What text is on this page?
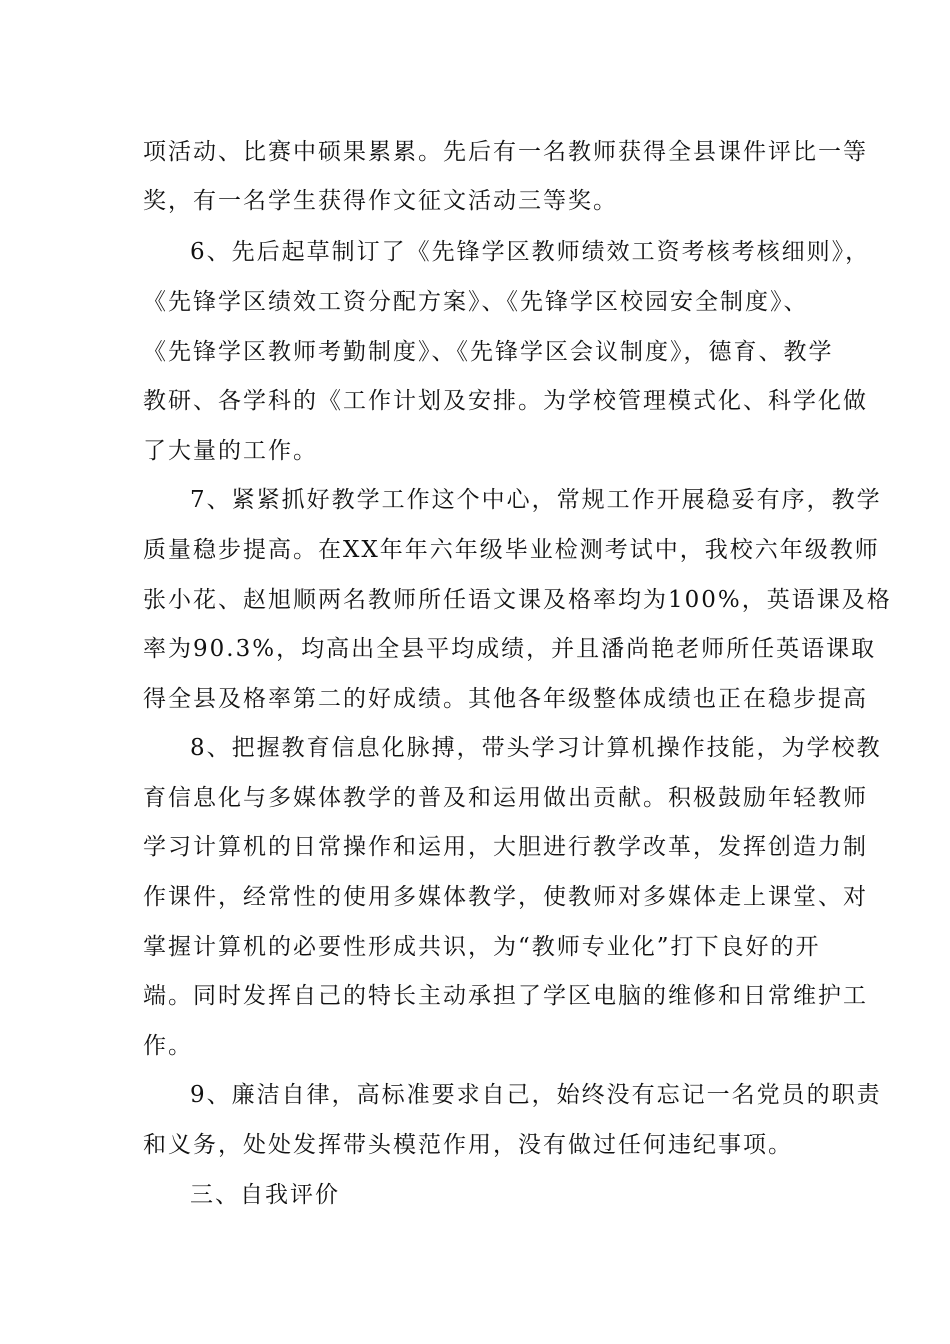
项活动、比赛中硕果累累。先后有一名教师获得全县课件评比一等
奖，有一名学生获得作文征文活动三等奖。
6、先后起草制订了《先锋学区教师绩效工资考核考核细则》，
《先锋学区绩效工资分配方案》、《先锋学区校园安全制度》、
《先锋学区教师考勤制度》、《先锋学区会议制度》，德育、教学
教研、各学科的《工作计划及安排。为学校管理模式化、科学化做
了大量的工作。
7、紧紧抓好教学工作这个中心，常规工作开展稳妥有序，教学
质量稳步提高。在XX年年六年级毕业检测考试中，我校六年级教师
张小花、赵旭顺两名教师所任语文课及格率均为100%，英语课及格
率为90.3%，均高出全县平均成绩，并且潘尚艳老师所任英语课取
得全县及格率第二的好成绩。其他各年级整体成绩也正在稳步提高
8、把握教育信息化脉搏，带头学习计算机操作技能，为学校教
育信息化与多媒体教学的普及和运用做出贡献。积极鼓励年轻教师
学习计算机的日常操作和运用，大胆进行教学改革，发挥创造力制
作课件，经常性的使用多媒体教学，使教师对多媒体走上课堂、对
掌握计算机的必要性形成共识，为“教师专业化”打下良好的开
端。同时发挥自己的特长主动承担了学区电脑的维修和日常维护工
作。
9、廉洁自律，高标准要求自己，始终没有忘记一名党员的职责
和义务，处处发挥带头模范作用，没有做过任何违纪事项。
三、自我评价
